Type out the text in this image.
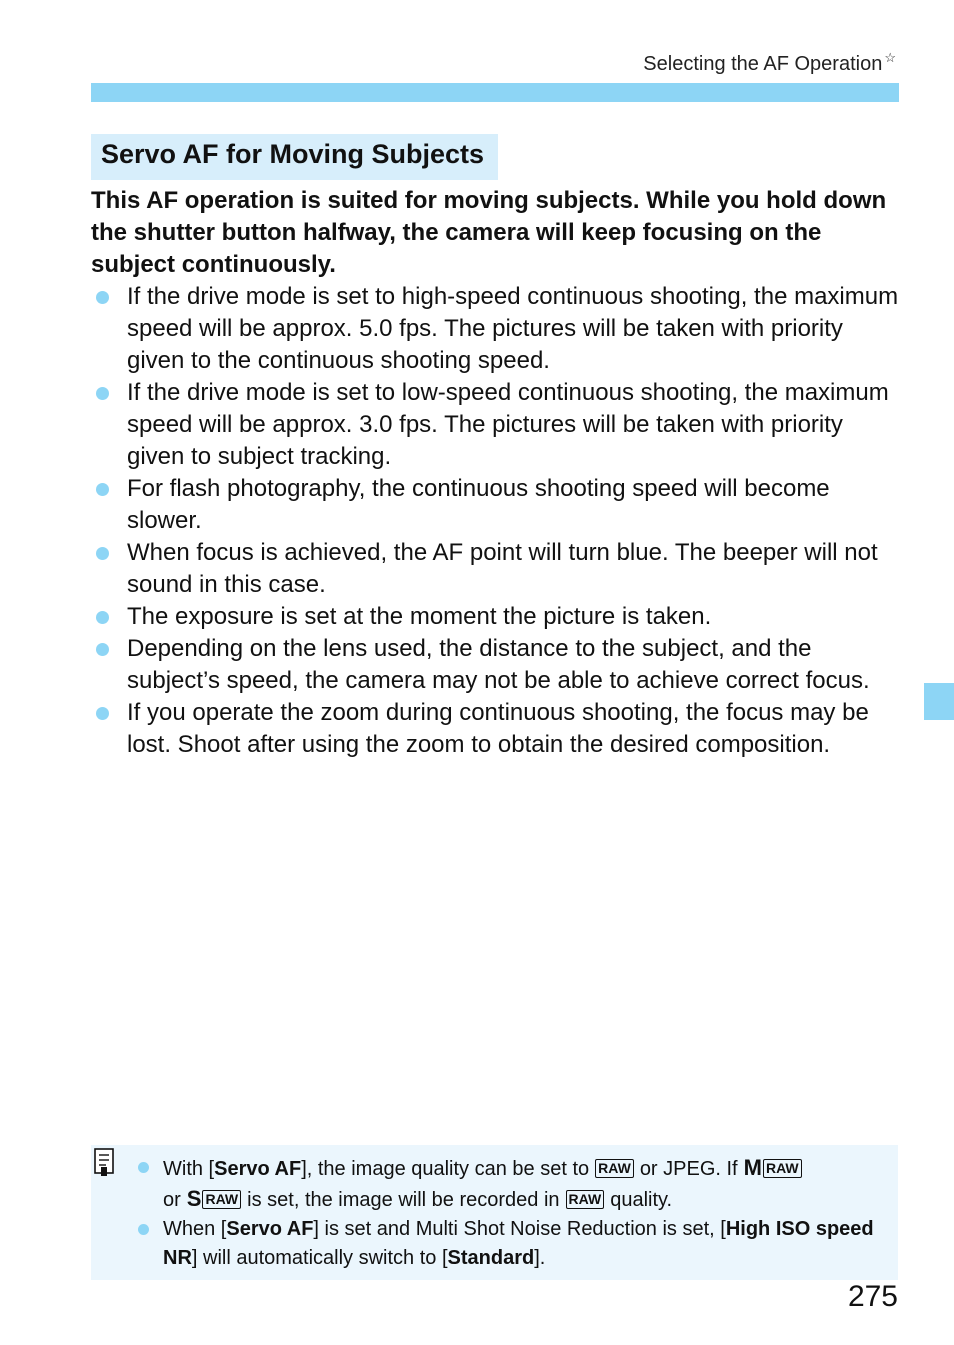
Selecting the AF Operation ☆
Servo AF for Moving Subjects

This AF operation is suited for moving subjects. While you hold down the shutter button halfway, the camera will keep focusing on the subject continuously.

If the drive mode is set to high-speed continuous shooting, the maximum speed will be approx. 5.0 fps. The pictures will be taken with priority given to the continuous shooting speed.
If the drive mode is set to low-speed continuous shooting, the maximum speed will be approx. 3.0 fps. The pictures will be taken with priority given to subject tracking.
For flash photography, the continuous shooting speed will become slower.
When focus is achieved, the AF point will turn blue. The beeper will not sound in this case.
The exposure is set at the moment the picture is taken.
Depending on the lens used, the distance to the subject, and the subject’s speed, the camera may not be able to achieve correct focus.
If you operate the zoom during continuous shooting, the focus may be lost. Shoot after using the zoom to obtain the desired composition.
With [Servo AF], the image quality can be set to RAW or JPEG. If M RAW
or S RAW is set, the image will be recorded in RAW quality.
When [Servo AF] is set and Multi Shot Noise Reduction is set, [High ISO speed NR] will automatically switch to [Standard].
275
